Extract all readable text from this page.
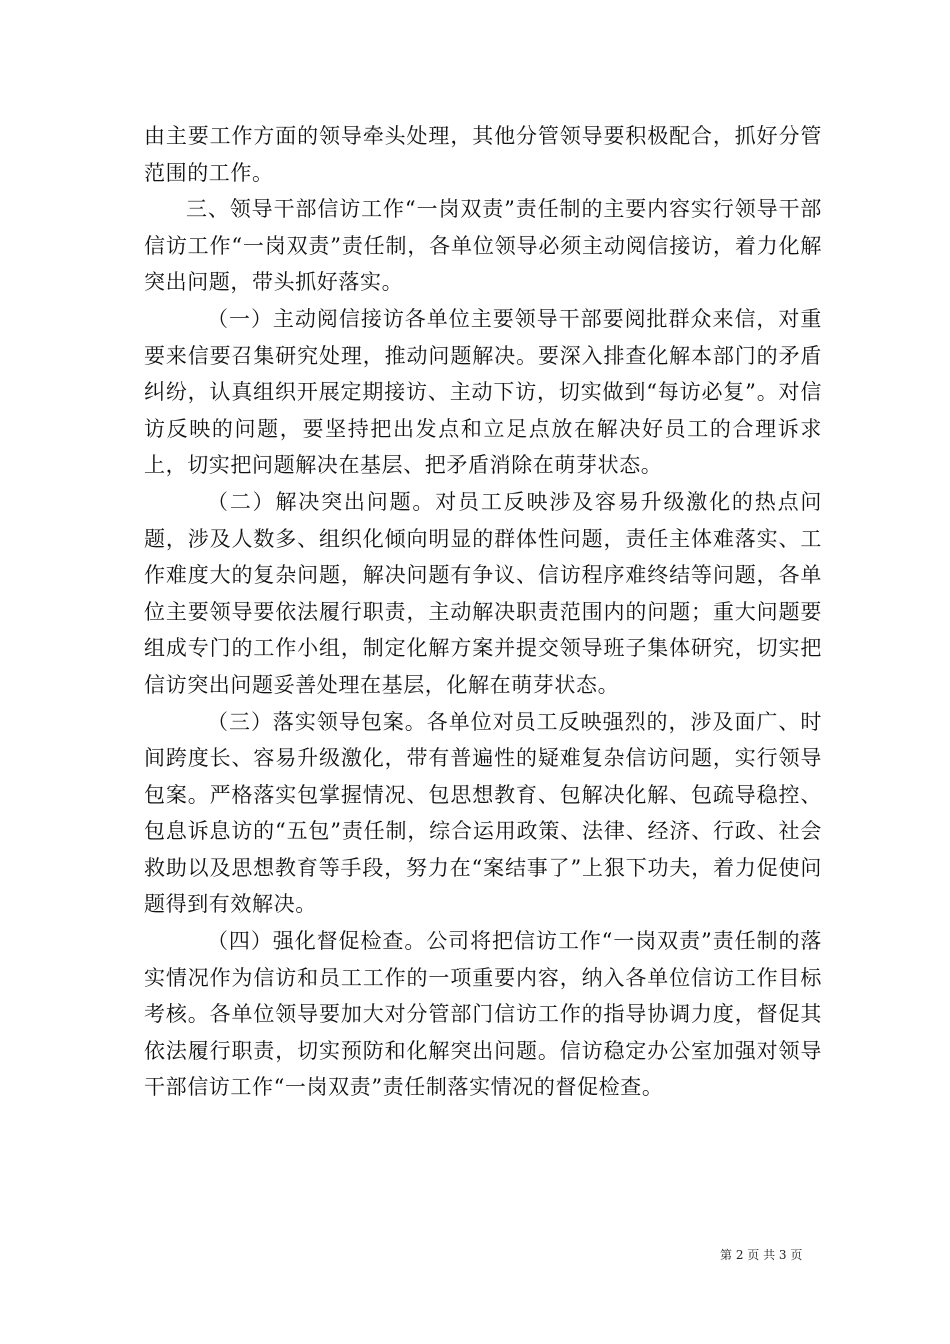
由主要工作方面的领导牵头处理，其他分管领导要积极配合，抓好分管范围的工作。

三、领导干部信访工作“一岗双责”责任制的主要内容实行领导干部信访工作“一岗双责”责任制，各单位领导必须主动阅信接访，着力化解突出问题，带头抓好落实。

（一）主动阅信接访各单位主要领导干部要阅批群众来信，对重要来信要召集研究处理，推动问题解决。要深入排查化解本部门的矛盾纠纷，认真组织开展定期接访、主动下访，切实做到“每访必复”。对信访反映的问题，要坚持把出发点和立足点放在解决好员工的合理诉求上，切实把问题解决在基层、把矛盾消除在萌芽状态。

（二）解决突出问题。对员工反映涉及容易升级激化的热点问题，涉及人数多、组织化倾向明显的群体性问题，责任主体难落实、工作难度大的复杂问题，解决问题有争议、信访程序难终结等问题，各单位主要领导要依法履行职责，主动解决职责范围内的问题；重大问题要组成专门的工作小组，制定化解方案并提交领导班子集体研究，切实把信访突出问题妥善处理在基层，化解在萌芽状态。

（三）落实领导包案。各单位对员工反映强烈的，涉及面广、时间跨度长、容易升级激化，带有普遍性的疑难复杂信访问题，实行领导包案。严格落实包掌握情况、包思想教育、包解决化解、包疏导稳控、包息诉息访的“五包”责任制，综合运用政策、法律、经济、行政、社会救助以及思想教育等手段，努力在“案结事了”上狠下功夫，着力促使问题得到有效解决。

（四）强化督促检查。公司将把信访工作“一岗双责”责任制的落实情况作为信访和员工工作的一项重要内容，纳入各单位信访工作目标考核。各单位领导要加大对分管部门信访工作的指导协调力度，督促其依法履行职责，切实预防和化解突出问题。信访稳定办公室加强对领导干部信访工作“一岗双责”责任制落实情况的督促检查。

第 2 页 共 3 页
